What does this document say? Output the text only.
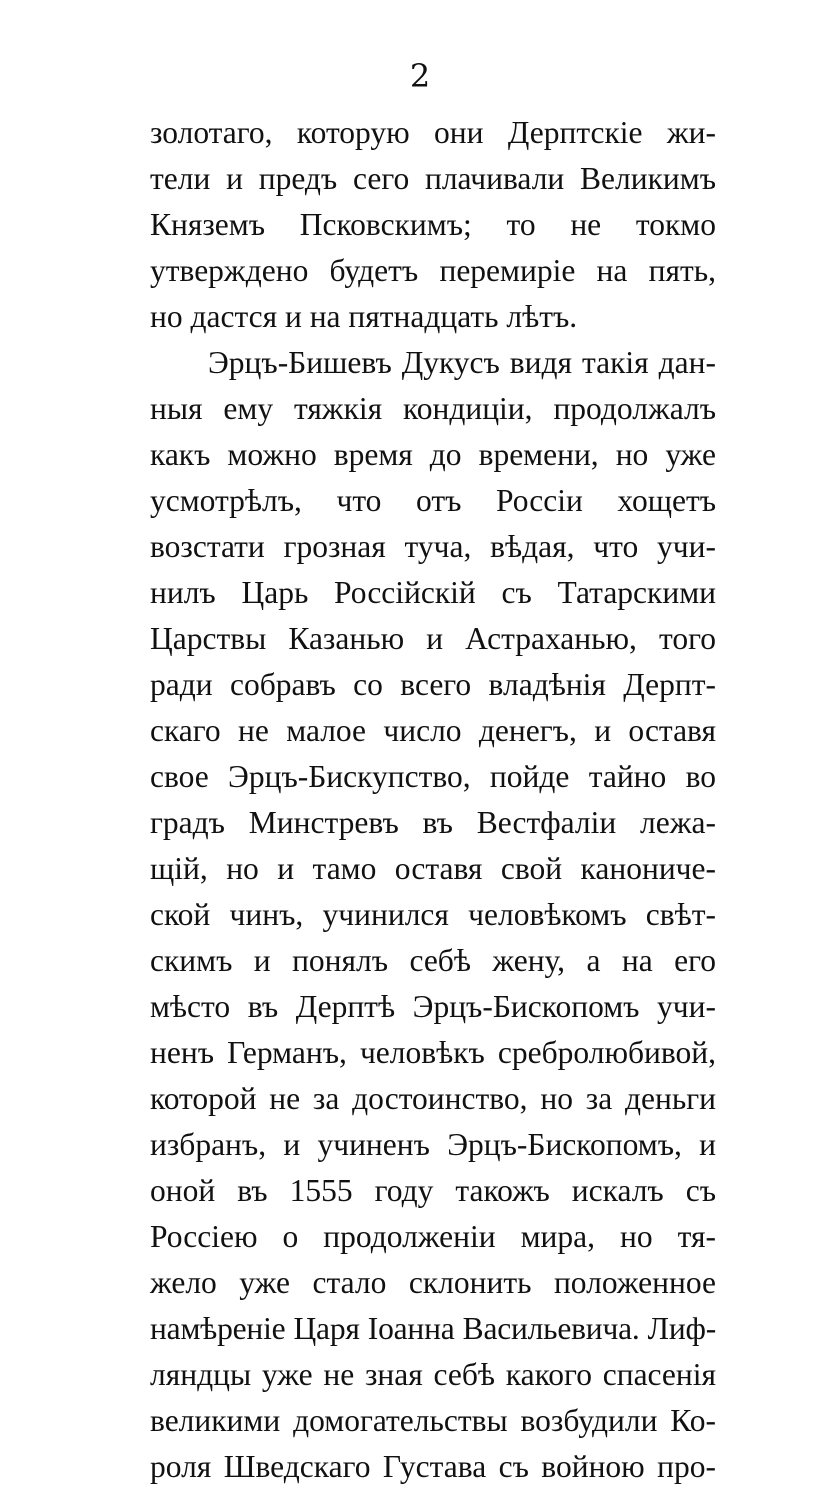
2
золотаго, которую они Дерптскіе жи-
тели и предъ сего плачивали Великимъ
Княземъ Псковскимъ; то не токмо
утверждено будетъ перемиріе на пять,
но дастся и на пятнадцать лѣтъ.
Эрцъ-Бишевъ Дукусъ видя такія дан-
ныя ему тяжкія кондиціи, продолжалъ
какъ можно время до времени, но уже
усмотрѣлъ, что отъ Россіи хощетъ
возстати грозная туча, вѣдая, что учи-
нилъ Царь Россійскій съ Татарскими
Царствы Казанью и Астраханью, того
ради собравъ со всего владѣнія Дерпт-
скаго не малое число денегъ, и оставя
свое Эрцъ-Бискупство, пойде тайно во
градъ Минстревъ въ Вестфаліи лежа-
щій, но и тамо оставя свой канониче-
ской чинъ, учинился человѣкомъ свѣт-
скимъ и понялъ себѣ жену, а на его
мѣсто въ Дерптѣ Эрцъ-Бископомъ учи-
ненъ Германъ, человѣкъ сребролюбивой,
которой не за достоинство, но за деньги
избранъ, и учиненъ Эрцъ-Бископомъ, и
оной въ 1555 году такожъ искалъ съ
Россіею о продолженіи мира, но тя-
жело уже стало склонить положенное
намѣреніе Царя Іоанна Васильевича. Лиф-
ляндцы уже не зная себѣ какого спасенія
великими домогательствы возбудили Ко-
роля Шведскаго Густава съ войною про-
